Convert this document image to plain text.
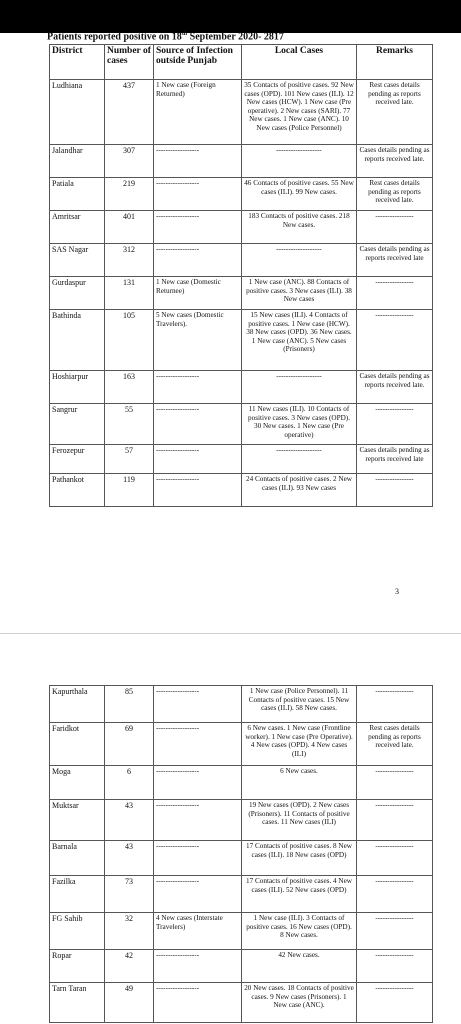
Patients reported positive on 18th September 2020- 2817
District	Number of cases	Source of Infection outside Punjab	Local Cases	Remarks
Ludhiana	437	1 New case (Foreign Returned)	35 Contacts of positive cases. 92 New cases (OPD). 101 New cases (ILI). 12 New cases (HCW). 1 New case (Pre operative). 2 New cases (SARI). 77 New cases. 1 New case (ANC). 10 New cases (Police Personnel)	Rest cases details pending as reports received late.
Jalandhar	307	------------------	-------------------	Cases details pending as reports received late.
Patiala	219	------------------	46 Contacts of positive cases. 55 New cases (ILI). 99 New cases.	Rest cases details pending as reports received late.
Amritsar	401	------------------	183 Contacts of positive cases. 218 New cases.	----------------
SAS Nagar	312	------------------	-------------------	Cases details pending as reports received late
Gurdaspur	131	1 New case (Domestic Returnee)	1 New case (ANC). 88 Contacts of positive cases. 3 New cases (ILI). 38 New cases	----------------
Bathinda	105	5 New cases (Domestic Travelers).	15 New cases (ILI). 4 Contacts of positive cases. 1 New case (HCW). 38 New cases (OPD). 36 New cases. 1 New case (ANC). 5 New cases (Prisoners)	----------------
Hoshiarpur	163	------------------	-------------------	Cases details pending as reports received late.
Sangrur	55	------------------	11 New cases (ILI). 10 Contacts of positive cases. 3 New cases (OPD). 30 New cases. 1 New case (Pre operative)	----------------
Ferozepur	57	------------------	-------------------	Cases details pending as reports received late
Pathankot	119	------------------	24 Contacts of positive cases. 2 New cases (ILI). 93 New cases	----------------
3
Kapurthala	85	------------------	1 New case (Police Personnel). 11 Contacts of positive cases. 15 New cases (ILI). 58 New cases.	----------------
Faridkot	69	------------------	6 New cases. 1 New case (Frontline worker). 1 New case (Pre Operative). 4 New cases (OPD). 4 New cases (ILI)	Rest cases details pending as reports received late.
Moga	6	------------------	6 New cases.	----------------
Muktsar	43	------------------	19 New cases (OPD). 2 New cases (Prisoners). 11 Contacts of positive cases. 11 New cases (ILI)	----------------
Barnala	43	------------------	17 Contacts of positive cases. 8 New cases (ILI). 18 New cases (OPD)	----------------
Fazilka	73	------------------	17 Contacts of positive cases. 4 New cases (ILI). 52 New cases (OPD)	----------------
FG Sahib	32	4 New cases (Interstate Travelers)	1 New case (ILI). 3 Contacts of positive cases. 16 New cases (OPD). 8 New cases.	----------------
Ropar	42	------------------	42 New cases.	----------------
Tarn Taran	49	------------------	20 New cases. 18 Contacts of positive cases. 9 New cases (Prisoners). 1 New case (ANC).	----------------
